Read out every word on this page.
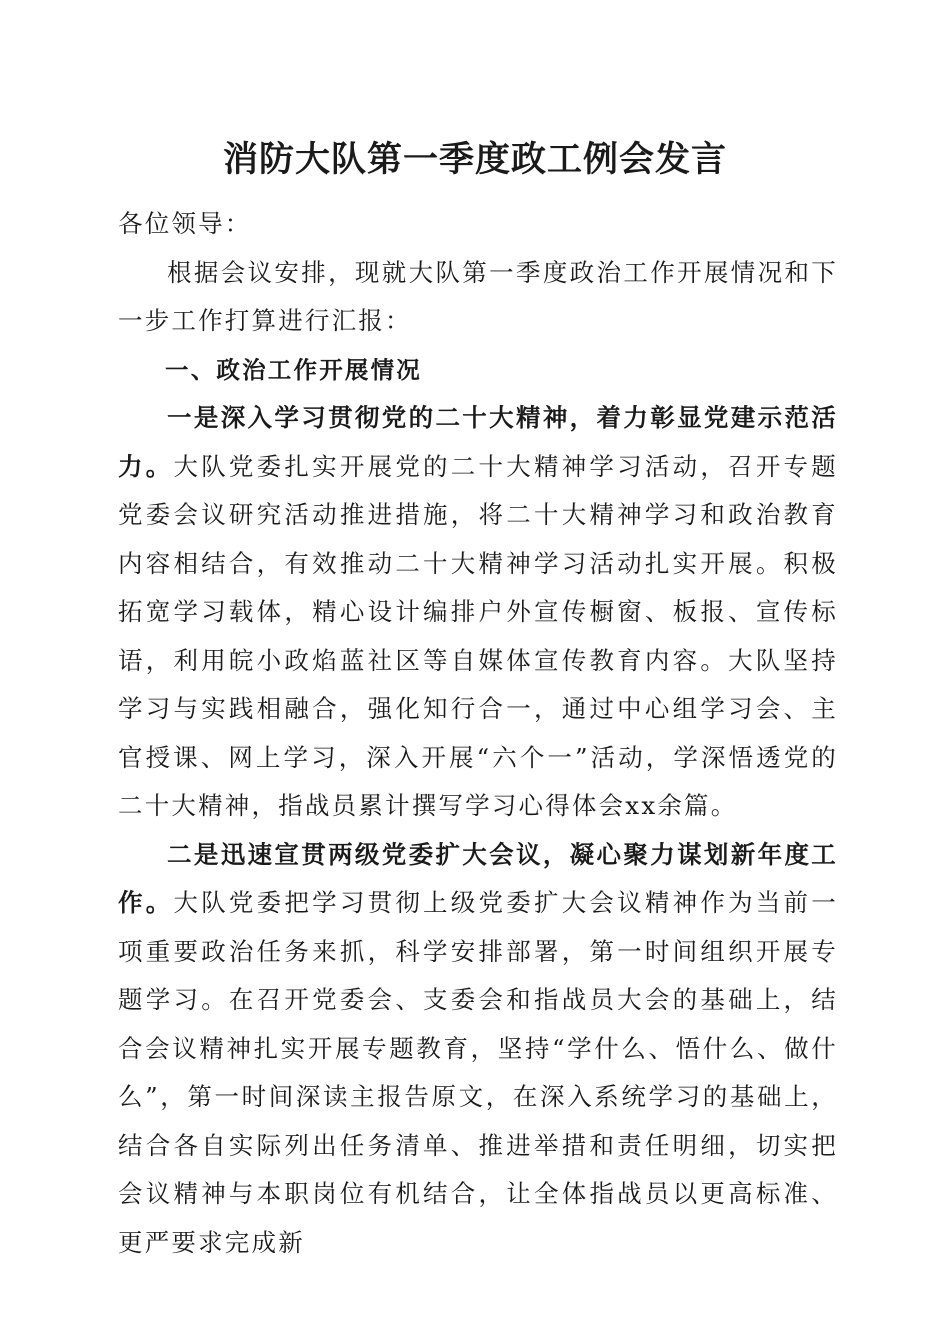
消防大队第一季度政工例会发言

各位领导：

根据会议安排，现就大队第一季度政治工作开展情况和下一步工作打算进行汇报：

一、政治工作开展情况

一是深入学习贯彻党的二十大精神，着力彰显党建示范活力。大队党委扎实开展党的二十大精神学习活动，召开专题党委会议研究活动推进措施，将二十大精神学习和政治教育内容相结合，有效推动二十大精神学习活动扎实开展。积极拓宽学习载体，精心设计编排户外宣传橱窗、板报、宣传标语，利用皖小政焰蓝社区等自媒体宣传教育内容。大队坚持学习与实践相融合，强化知行合一，通过中心组学习会、主官授课、网上学习，深入开展“六个一”活动，学深悟透党的二十大精神，指战员累计撰写学习心得体会xx余篇。

二是迅速宣贯两级党委扩大会议，凝心聚力谋划新年度工作。大队党委把学习贯彻上级党委扩大会议精神作为当前一项重要政治任务来抓，科学安排部署，第一时间组织开展专题学习。在召开党委会、支委会和指战员大会的基础上，结合会议精神扎实开展专题教育，坚持“学什么、悟什么、做什么”，第一时间深读主报告原文，在深入系统学习的基础上，结合各自实际列出任务清单、推进举措和责任明细，切实把会议精神与本职岗位有机结合，让全体指战员以更高标准、更严要求完成新
